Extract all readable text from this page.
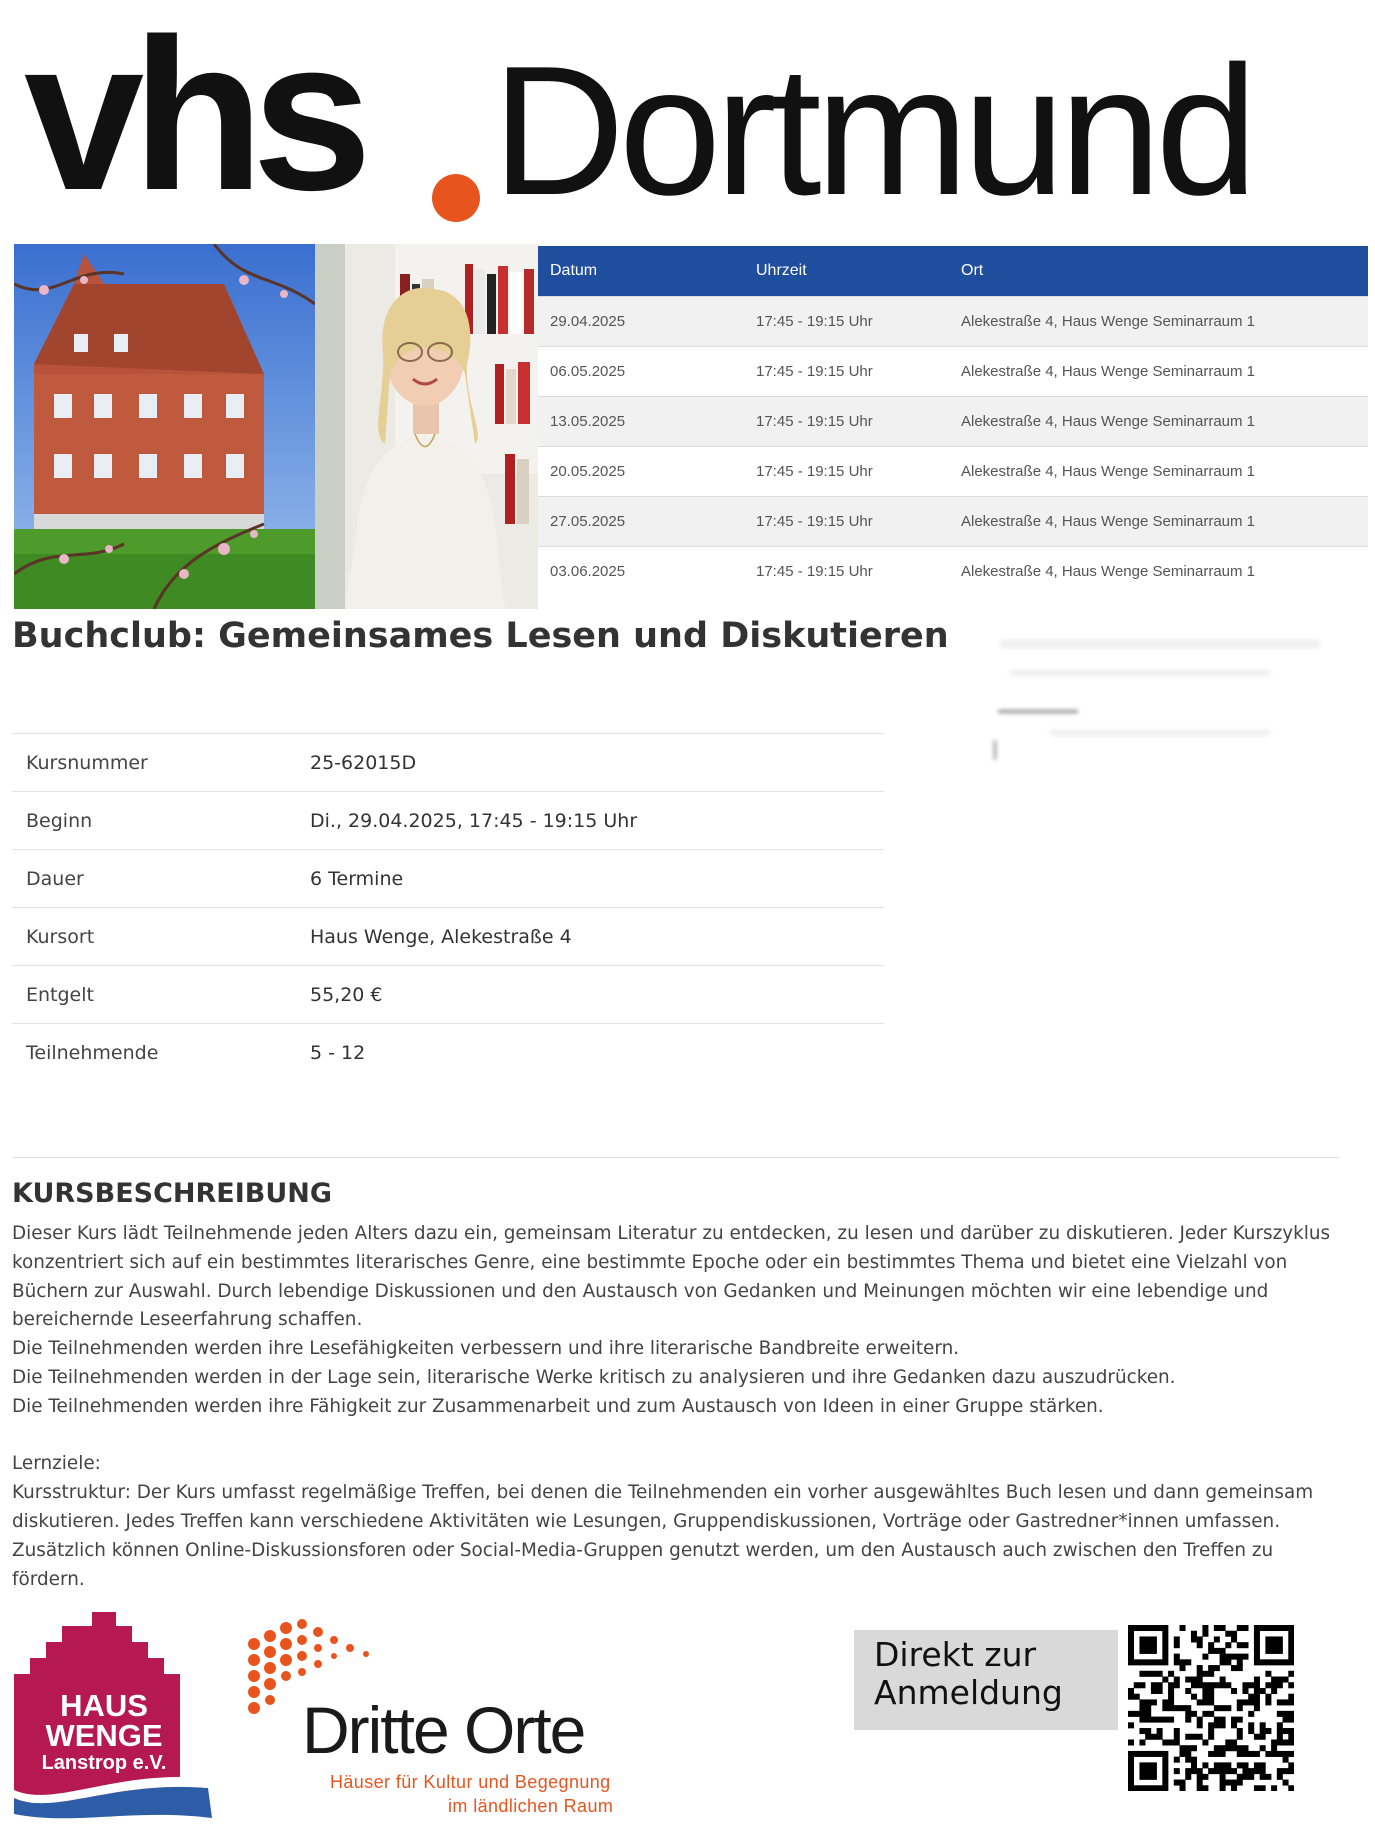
vhs Dortmund
Datum	Uhrzeit	Ort
29.04.2025	17:45 - 19:15 Uhr	Alekestraße 4, Haus Wenge Seminarraum 1
06.05.2025	17:45 - 19:15 Uhr	Alekestraße 4, Haus Wenge Seminarraum 1
13.05.2025	17:45 - 19:15 Uhr	Alekestraße 4, Haus Wenge Seminarraum 1
20.05.2025	17:45 - 19:15 Uhr	Alekestraße 4, Haus Wenge Seminarraum 1
27.05.2025	17:45 - 19:15 Uhr	Alekestraße 4, Haus Wenge Seminarraum 1
03.06.2025	17:45 - 19:15 Uhr	Alekestraße 4, Haus Wenge Seminarraum 1
Buchclub: Gemeinsames Lesen und Diskutieren
Kursnummer	25-62015D
Beginn	Di., 29.04.2025, 17:45 - 19:15 Uhr
Dauer	6 Termine
Kursort	Haus Wenge, Alekestraße 4
Entgelt	55,20 €
Teilnehmende	5 - 12
KURSBESCHREIBUNG

Dieser Kurs lädt Teilnehmende jeden Alters dazu ein, gemeinsam Literatur zu entdecken, zu lesen und darüber zu diskutieren. Jeder Kurszyklus konzentriert sich auf ein bestimmtes literarisches Genre, eine bestimmte Epoche oder ein bestimmtes Thema und bietet eine Vielzahl von Büchern zur Auswahl. Durch lebendige Diskussionen und den Austausch von Gedanken und Meinungen möchten wir eine lebendige und bereichernde Leseerfahrung schaffen.

Die Teilnehmenden werden ihre Lesefähigkeiten verbessern und ihre literarische Bandbreite erweitern.

Die Teilnehmenden werden in der Lage sein, literarische Werke kritisch zu analysieren und ihre Gedanken dazu auszudrücken.

Die Teilnehmenden werden ihre Fähigkeit zur Zusammenarbeit und zum Austausch von Ideen in einer Gruppe stärken.

Lernziele:

Kursstruktur: Der Kurs umfasst regelmäßige Treffen, bei denen die Teilnehmenden ein vorher ausgewähltes Buch lesen und dann gemeinsam diskutieren. Jedes Treffen kann verschiedene Aktivitäten wie Lesungen, Gruppendiskussionen, Vorträge oder Gastredner*innen umfassen. Zusätzlich können Online-Diskussionsforen oder Social-Media-Gruppen genutzt werden, um den Austausch auch zwischen den Treffen zu fördern.

HAUS
WENGE
Lanstrop e.V.	Dritte Orte
Häuser für Kultur und Begegnung
im ländlichen Raum
Direkt zur
Anmeldung
